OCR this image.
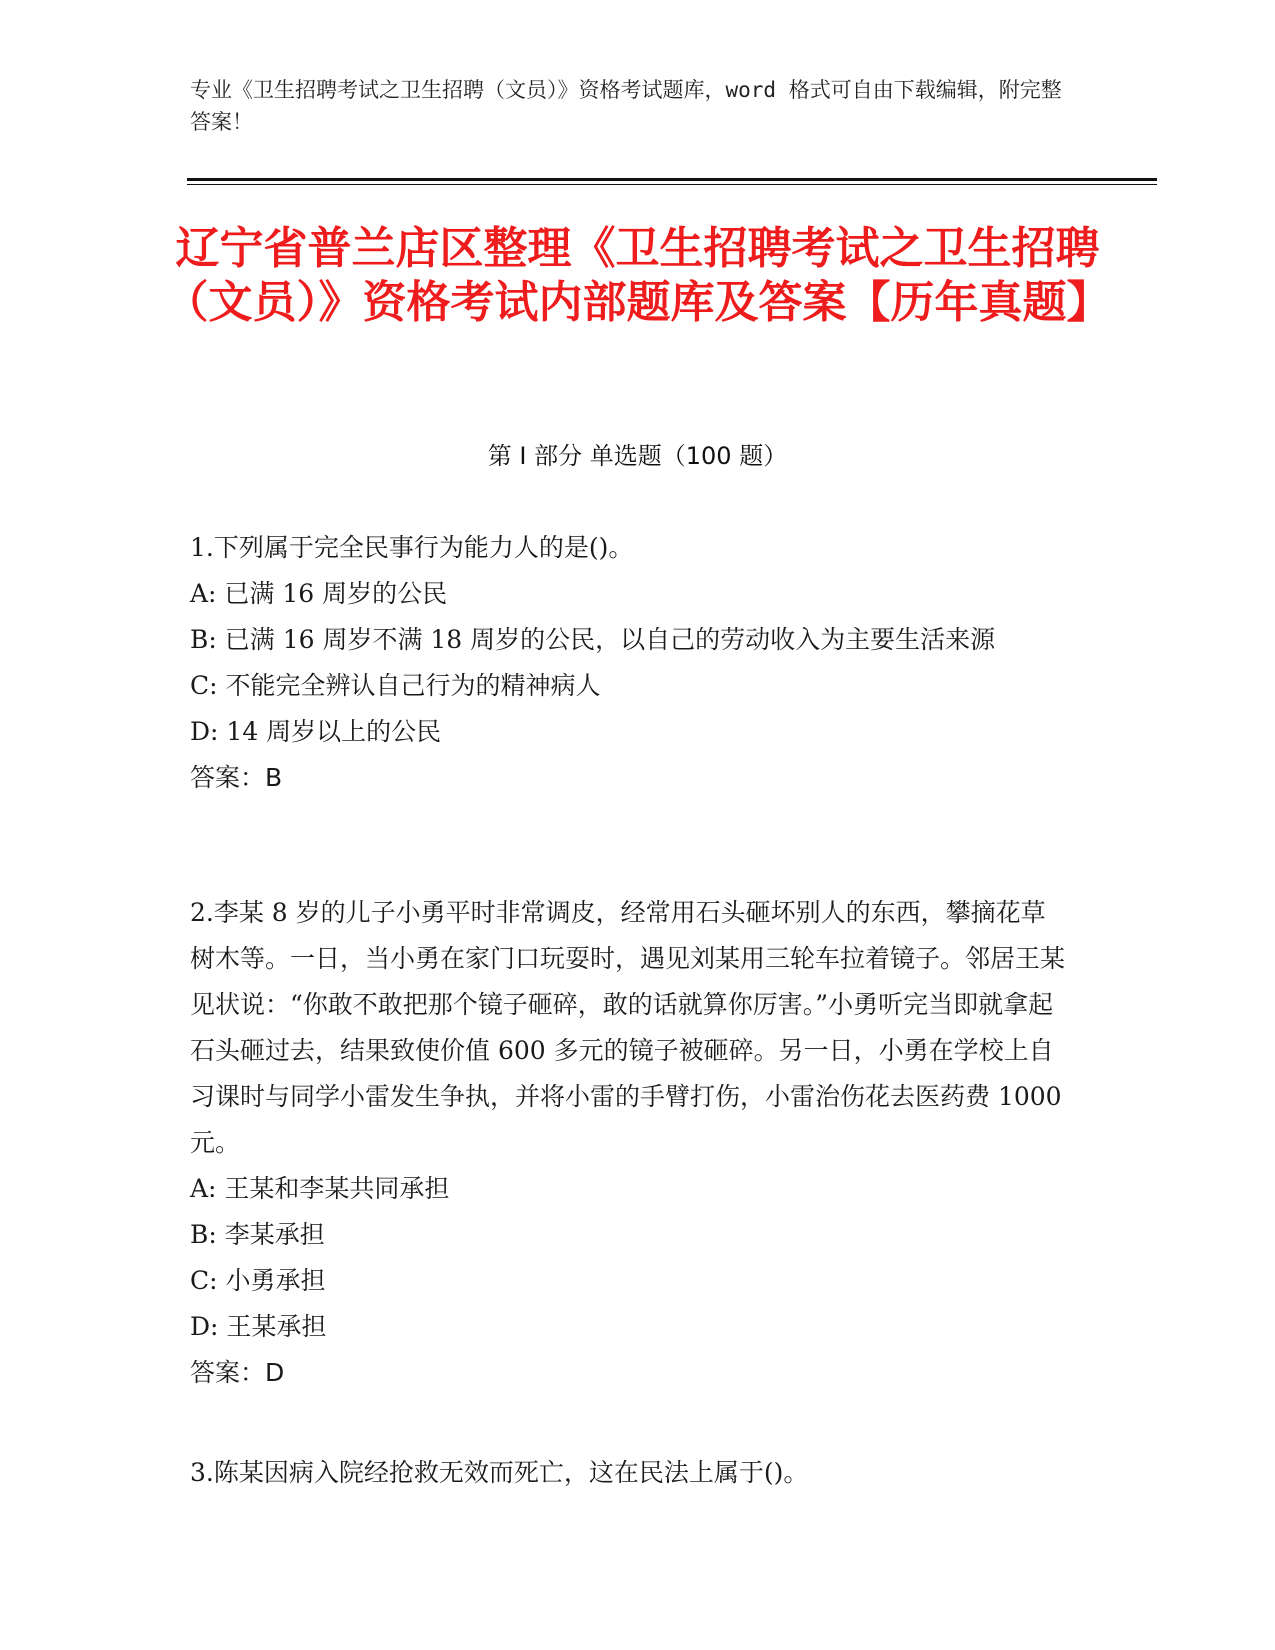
专业《卫生招聘考试之卫生招聘（文员）》资格考试题库，word 格式可自由下载编辑，附完整答案！
辽宁省普兰店区整理《卫生招聘考试之卫生招聘（文员）》资格考试内部题库及答案【历年真题】
第 I 部分 单选题（100 题）

1.下列属于完全民事行为能力人的是()。

A: 已满 16 周岁的公民

B: 已满 16 周岁不满 18 周岁的公民，以自己的劳动收入为主要生活来源

C: 不能完全辨认自己行为的精神病人

D: 14 周岁以上的公民

答案：B

2.李某 8 岁的儿子小勇平时非常调皮，经常用石头砸坏别人的东西，攀摘花草树木等。一日，当小勇在家门口玩耍时，遇见刘某用三轮车拉着镜子。邻居王某见状说：“你敢不敢把那个镜子砸碎，敢的话就算你厉害。”小勇听完当即就拿起石头砸过去，结果致使价值 600 多元的镜子被砸碎。另一日，小勇在学校上自习课时与同学小雷发生争执，并将小雷的手臂打伤，小雷治伤花去医药费 1000 元。

A: 王某和李某共同承担

B: 李某承担

C: 小勇承担

D: 王某承担

答案：D

3.陈某因病入院经抢救无效而死亡，这在民法上属于()。
